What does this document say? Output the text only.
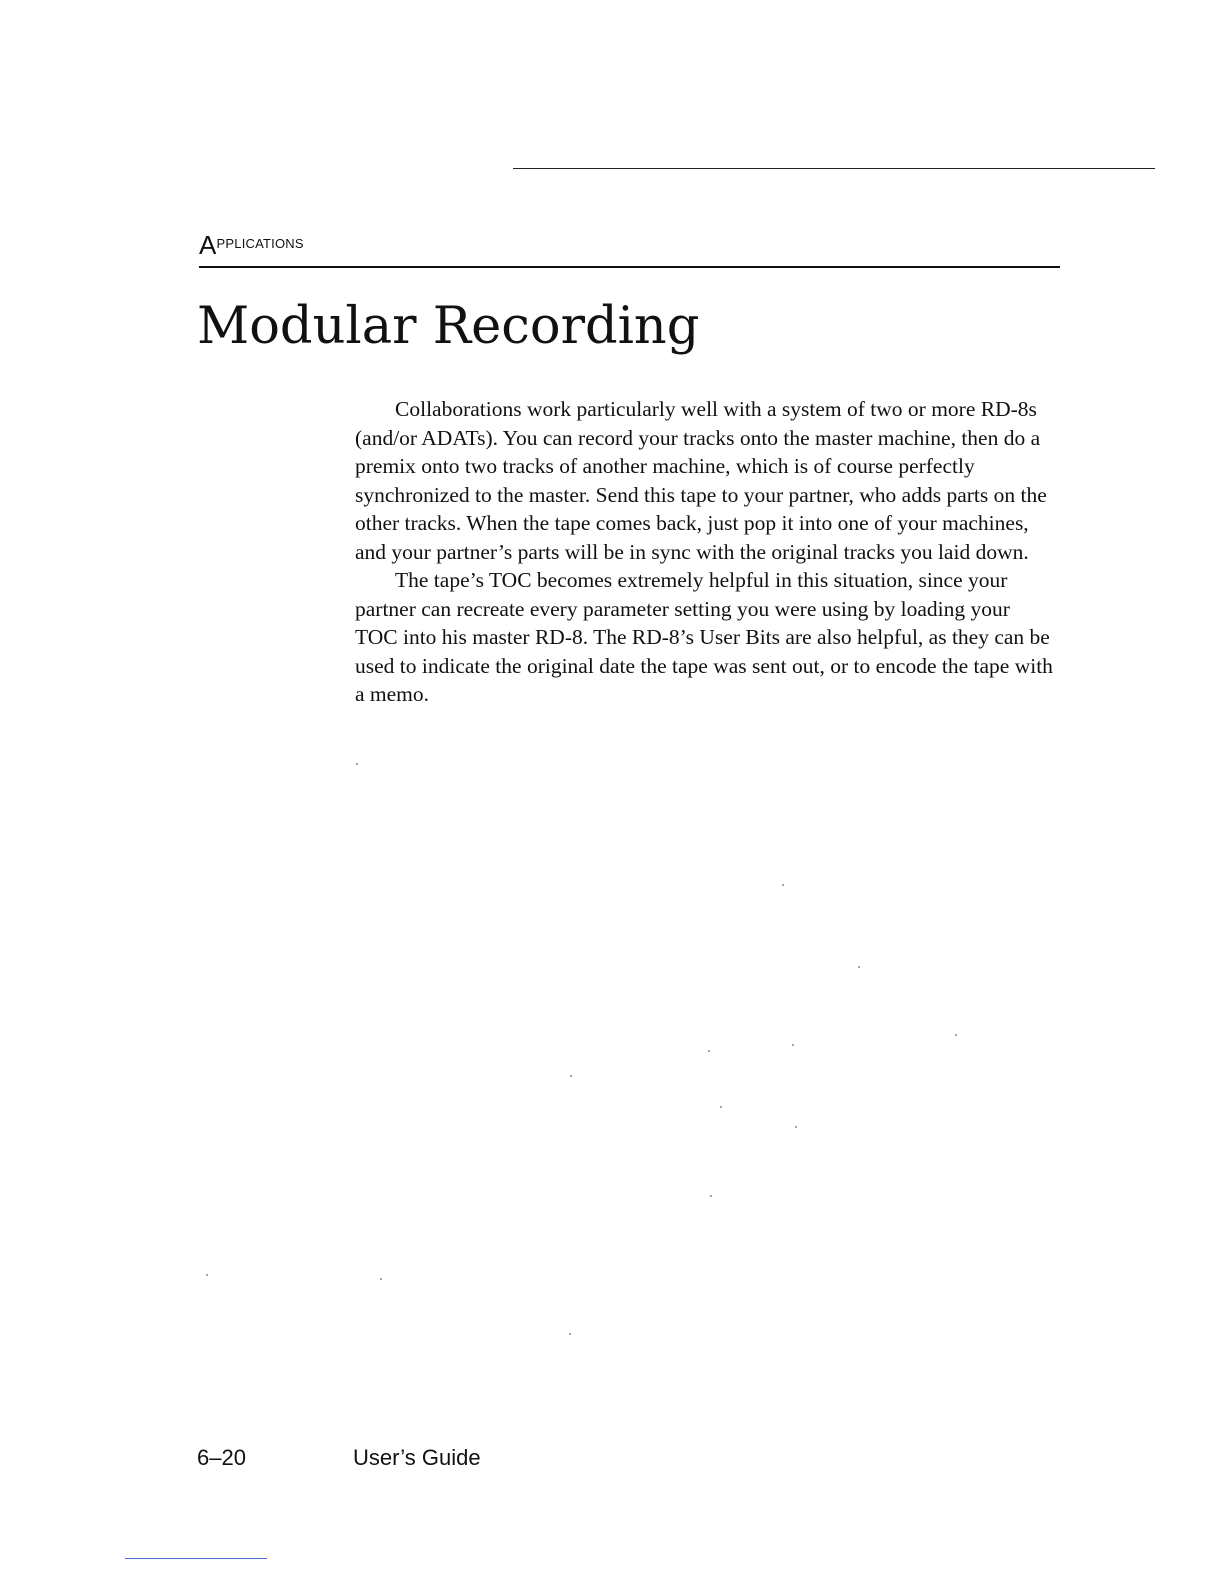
$A^{PPLICATIONS}$
Modular Recording

Collaborations work particularly well with a system of two or more RD-8s (and/or ADATs). You can record your tracks onto the master machine, then do a premix onto two tracks of another machine, which is of course perfectly synchronized to the master. Send this tape to your partner, who adds parts on the other tracks. When the tape comes back, just pop it into one of your machines, and your partner’s parts will be in sync with the original tracks you laid down.

The tape’s TOC becomes extremely helpful in this situation, since your partner can recreate every parameter setting you were using by loading your TOC into his master RD-8. The RD-8’s User Bits are also helpful, as they can be used to indicate the original date the tape was sent out, or to encode the tape with a memo.

6–20	User’s Guide
